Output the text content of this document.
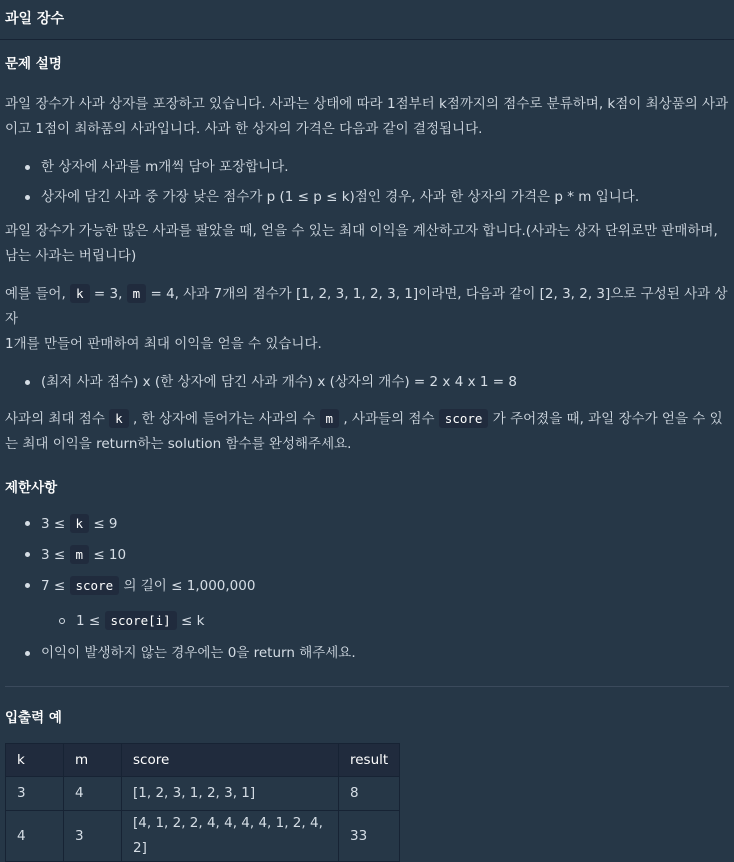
과일 장수
문제 설명

과일 장수가 사과 상자를 포장하고 있습니다. 사과는 상태에 따라 1점부터 k점까지의 점수로 분류하며, k점이 최상품의 사과
이고 1점이 최하품의 사과입니다. 사과 한 상자의 가격은 다음과 같이 결정됩니다.

한 상자에 사과를 m개씩 담아 포장합니다.
상자에 담긴 사과 중 가장 낮은 점수가 p (1 ≤ p ≤ k)점인 경우, 사과 한 상자의 가격은 p * m 입니다.

과일 장수가 가능한 많은 사과를 팔았을 때, 얻을 수 있는 최대 이익을 계산하고자 합니다.(사과는 상자 단위로만 판매하며,
남는 사과는 버립니다)

예를 들어, k = 3, m = 4, 사과 7개의 점수가 [1, 2, 3, 1, 2, 3, 1]이라면, 다음과 같이 [2, 3, 2, 3]으로 구성된 사과 상자
1개를 만들어 판매하여 최대 이익을 얻을 수 있습니다.

(최저 사과 점수) x (한 상자에 담긴 사과 개수) x (상자의 개수) = 2 x 4 x 1 = 8

사과의 최대 점수 k , 한 상자에 들어가는 사과의 수 m , 사과들의 점수 score 가 주어졌을 때, 과일 장수가 얻을 수 있
는 최대 이익을 return하는 solution 함수를 완성해주세요.

제한사항
3 ≤ k ≤ 9
3 ≤ m ≤ 10
7 ≤ score 의 길이 ≤ 1,000,000
1 ≤ score[i] ≤ k
이익이 발생하지 않는 경우에는 0을 return 해주세요.
입출력 예
k	m	score	result
3	4	[1, 2, 3, 1, 2, 3, 1]	8
4	3	[4, 1, 2, 2, 4, 4, 4, 4, 1, 2, 4, 2]	33
